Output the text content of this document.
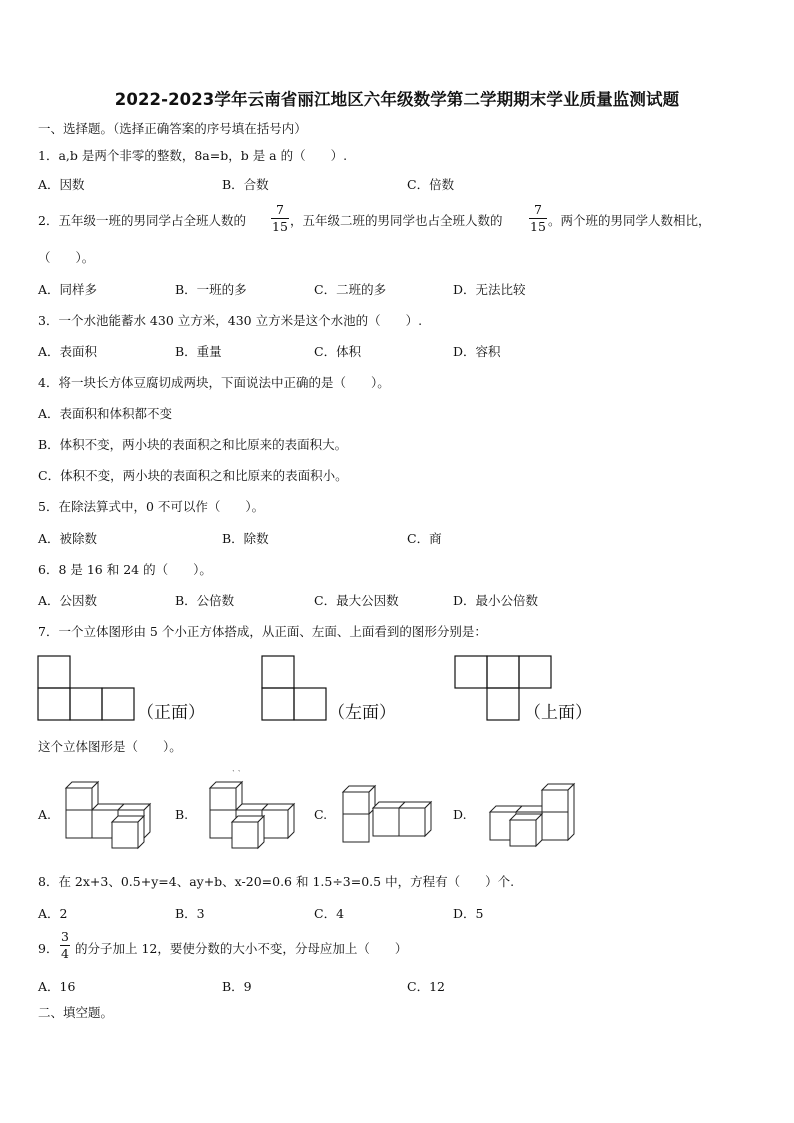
2022-2023学年云南省丽江地区六年级数学第二学期期末学业质量监测试题
一、选择题。（选择正确答案的序号填在括号内）
1．a,b 是两个非零的整数，8a=b，b 是 a 的（　　）.
A．因数	B．合数	C．倍数
2．五年级一班的男同学占全班人数的
7
15 ，五年级二班的男同学也占全班人数的
7
15 。两个班的男同学人数相比，
（　　）。
A．同样多	B．一班的多	C．二班的多	D．无法比较
3．一个水池能蓄水 430 立方米，430 立方米是这个水池的（　　）.
A．表面积	B．重量	C．体积	D．容积
4．将一块长方体豆腐切成两块，下面说法中正确的是（　　）。
A．表面积和体积都不变
B．体积不变，两小块的表面积之和比原来的表面积大。
C．体积不变，两小块的表面积之和比原来的表面积小。
5．在除法算式中，0 不可以作（　　）。
A．被除数	B．除数	C．商
6．8 是 16 和 24 的（　　）。
A．公因数	B．公倍数	C．最大公因数	D．最小公倍数
7．一个立体图形由 5 个小正方体搭成，从正面、左面、上面看到的图形分别是：
（正面）	（左面）	（上面）
这个立体图形是（　　）。
A.	B.
` `
C.	D.
8．在 2x+3、0.5+y=4、ay+b、x-20=0.6 和 1.5÷3=0.5 中，方程有（　　）个.
A．2	B．3	C．4	D．5
9．
3
4 的分子加上 12，要使分数的大小不变，分母应加上（　　）
A．16	B．9	C．12
二、填空题。
